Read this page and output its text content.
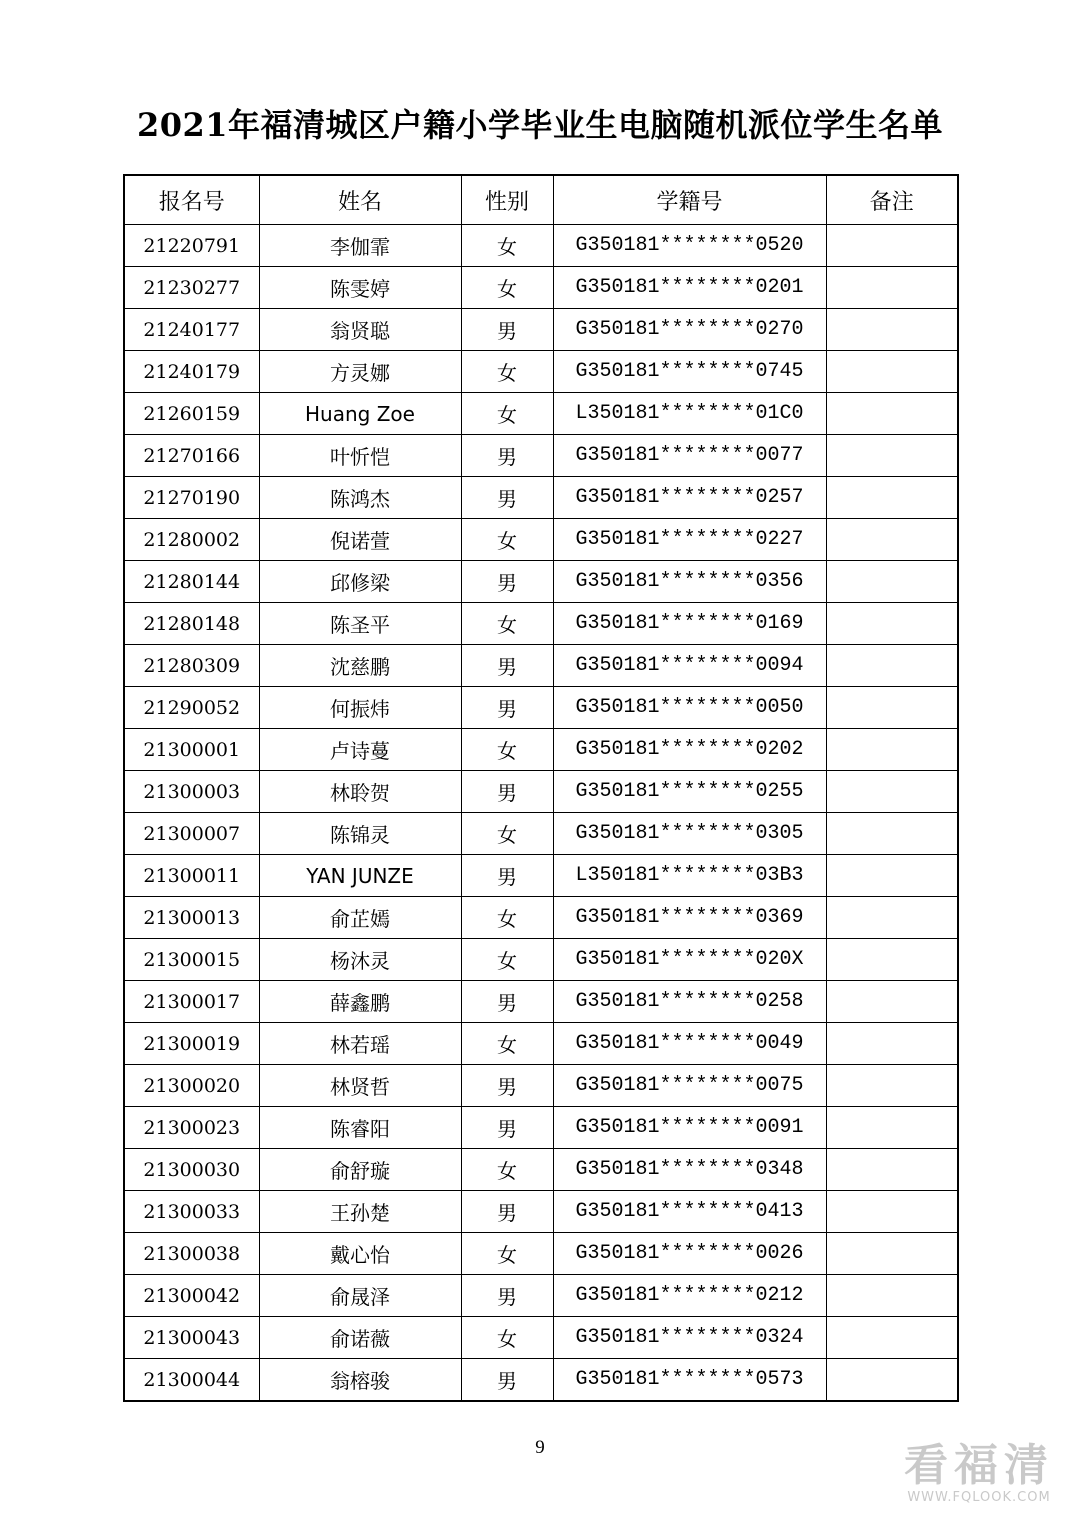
2021年福清城区户籍小学毕业生电脑随机派位学生名单
报名号	姓名	性别	学籍号	备注
21220791	李伽霏	女	G350181********0520	
21230277	陈雯婷	女	G350181********0201	
21240177	翁贤聪	男	G350181********0270	
21240179	方灵娜	女	G350181********0745	
21260159	Huang Zoe	女	L350181********01C0	
21270166	叶忻恺	男	G350181********0077	
21270190	陈鸿杰	男	G350181********0257	
21280002	倪诺萱	女	G350181********0227	
21280144	邱修梁	男	G350181********0356	
21280148	陈圣平	女	G350181********0169	
21280309	沈慈鹏	男	G350181********0094	
21290052	何振炜	男	G350181********0050	
21300001	卢诗蔓	女	G350181********0202	
21300003	林聆贺	男	G350181********0255	
21300007	陈锦灵	女	G350181********0305	
21300011	YAN JUNZE	男	L350181********03B3	
21300013	俞芷嫣	女	G350181********0369	
21300015	杨沐灵	女	G350181********020X	
21300017	薛鑫鹏	男	G350181********0258	
21300019	林若瑶	女	G350181********0049	
21300020	林贤哲	男	G350181********0075	
21300023	陈睿阳	男	G350181********0091	
21300030	俞舒璇	女	G350181********0348	
21300033	王孙楚	男	G350181********0413	
21300038	戴心怡	女	G350181********0026	
21300042	俞晟泽	男	G350181********0212	
21300043	俞诺薇	女	G350181********0324	
21300044	翁榕骏	男	G350181********0573	
9	看福清
WWW.FQLOOK.COM
